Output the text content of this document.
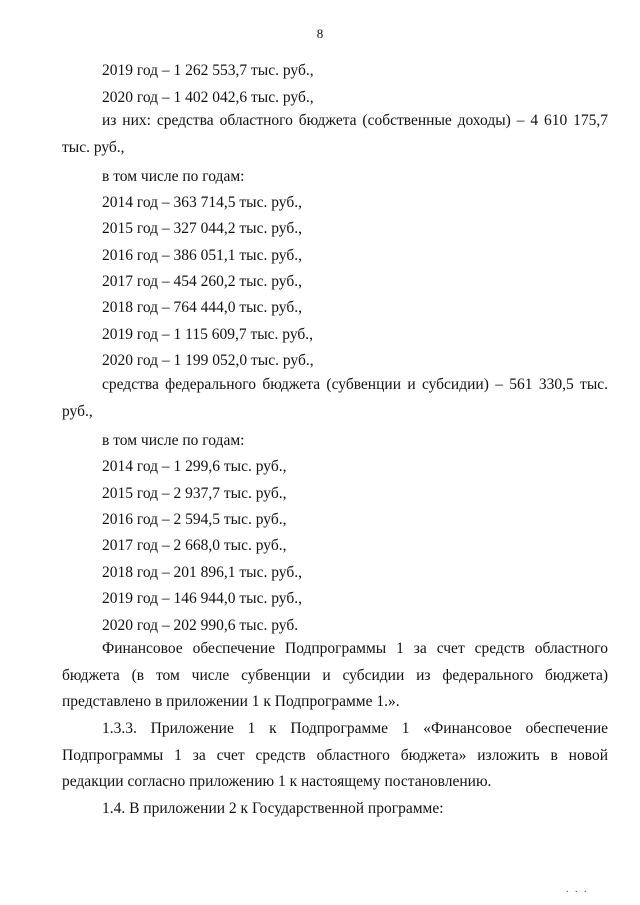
8
2019 год – 1 262 553,7 тыс. руб.,
2020 год – 1 402 042,6 тыс. руб.,
из них: средства областного бюджета (собственные доходы) – 4 610 175,7 тыс. руб.,
в том числе по годам:
2014 год – 363 714,5 тыс. руб.,
2015 год – 327 044,2 тыс. руб.,
2016 год – 386 051,1 тыс. руб.,
2017 год – 454 260,2 тыс. руб.,
2018 год – 764 444,0 тыс. руб.,
2019 год – 1 115 609,7 тыс. руб.,
2020 год – 1 199 052,0 тыс. руб.,
средства федерального бюджета (субвенции и субсидии) – 561 330,5 тыс. руб.,
в том числе по годам:
2014 год – 1 299,6 тыс. руб.,
2015 год – 2 937,7 тыс. руб.,
2016 год – 2 594,5 тыс. руб.,
2017 год – 2 668,0 тыс. руб.,
2018 год – 201 896,1 тыс. руб.,
2019 год – 146 944,0 тыс. руб.,
2020 год – 202 990,6 тыс. руб.
Финансовое обеспечение Подпрограммы 1 за счет средств областного бюджета (в том числе субвенции и субсидии из федерального бюджета) представлено в приложении 1 к Подпрограмме 1.».
1.3.3. Приложение 1 к Подпрограмме 1 «Финансовое обеспечение Подпрограммы 1 за счет средств областного бюджета» изложить в новой редакции согласно приложению 1 к настоящему постановлению.
1.4. В приложении 2 к Государственной программе:
. . .
